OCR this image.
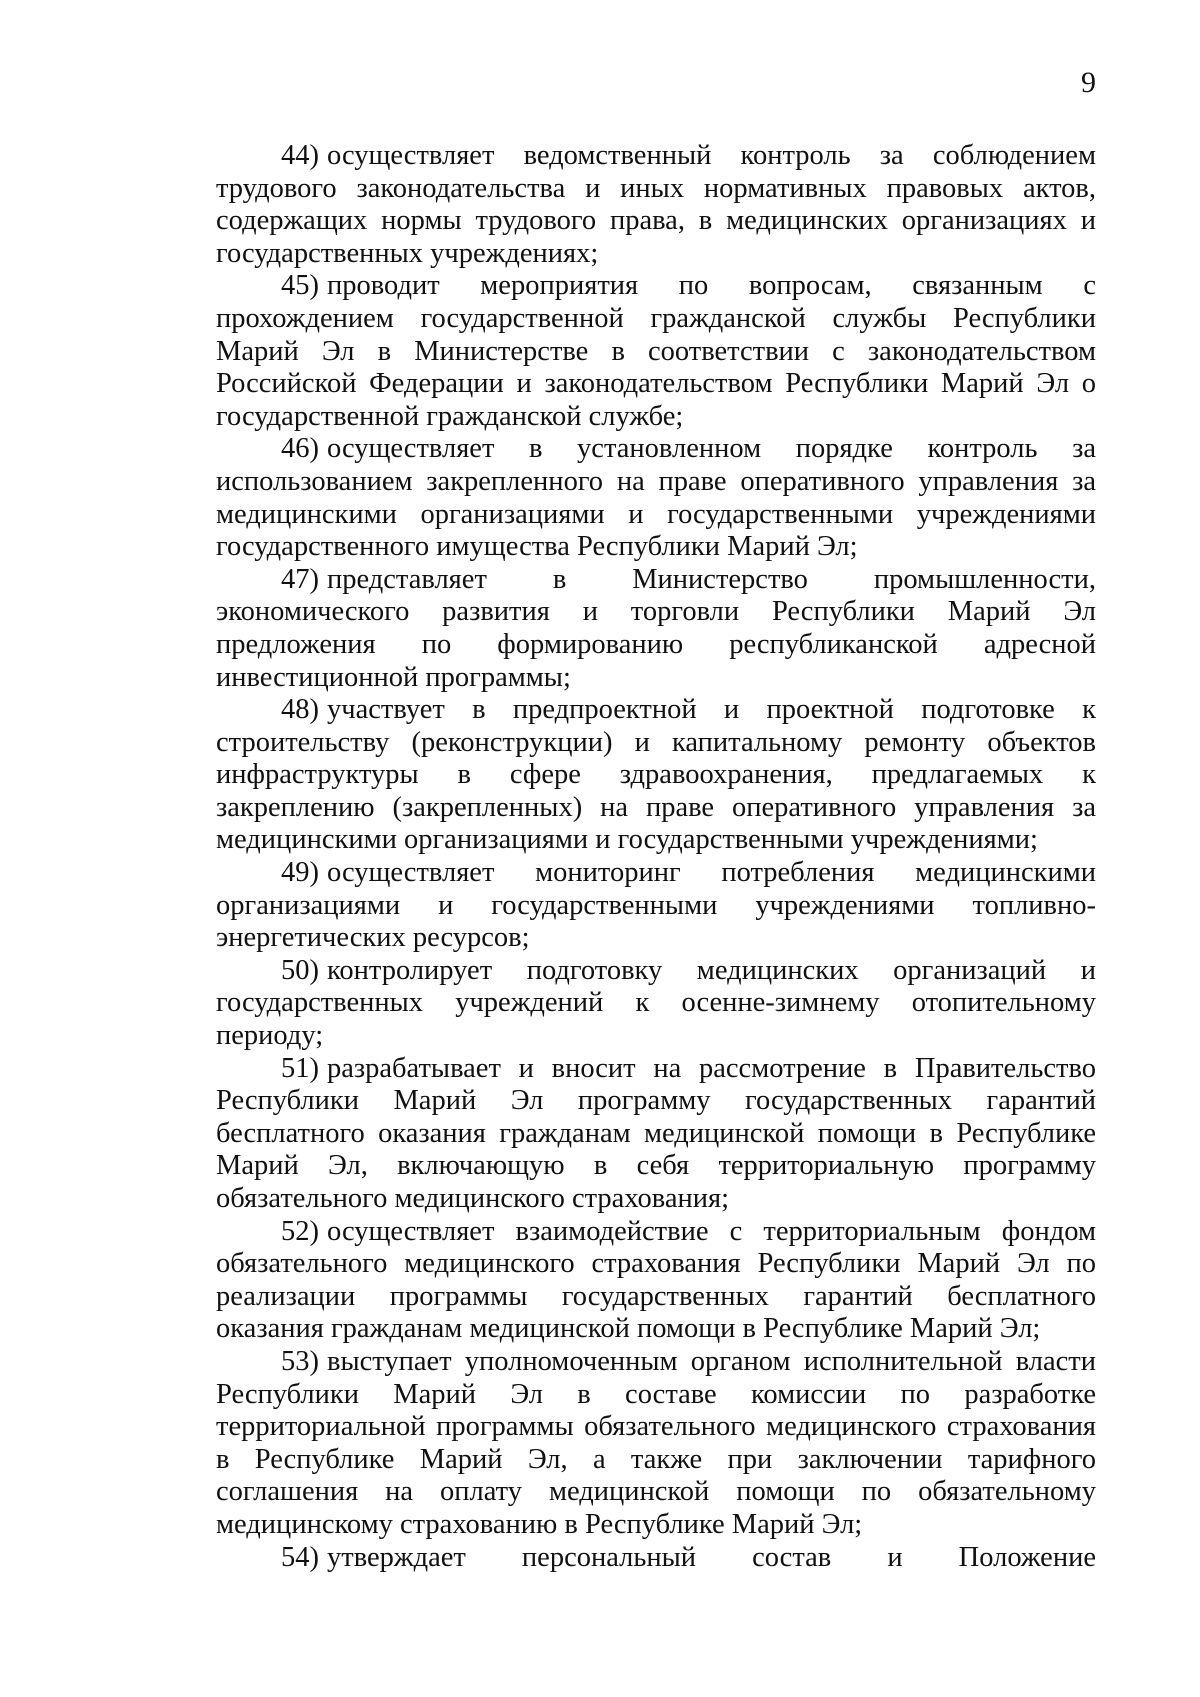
9

44) осуществляет ведомственный контроль за соблюдением трудового законодательства и иных нормативных правовых актов, содержащих нормы трудового права, в медицинских организациях и государственных учреждениях;

45) проводит мероприятия по вопросам, связанным с прохождением государственной гражданской службы Республики Марий Эл в Министерстве в соответствии с законодательством Российской Федерации и законодательством Республики Марий Эл о государственной гражданской службе;

46) осуществляет в установленном порядке контроль за использованием закрепленного на праве оперативного управления за медицинскими организациями и государственными учреждениями государственного имущества Республики Марий Эл;

47) представляет в Министерство промышленности, экономического развития и торговли Республики Марий Эл предложения по формированию республиканской адресной инвестиционной программы;

48) участвует в предпроектной и проектной подготовке к строительству (реконструкции) и капитальному ремонту объектов инфраструктуры в сфере здравоохранения, предлагаемых к закреплению (закрепленных) на праве оперативного управления за медицинскими организациями и государственными учреждениями;

49) осуществляет мониторинг потребления медицинскими организациями и государственными учреждениями топливно-энергетических ресурсов;

50) контролирует подготовку медицинских организаций и государственных учреждений к осенне-зимнему отопительному периоду;

51) разрабатывает и вносит на рассмотрение в Правительство Республики Марий Эл программу государственных гарантий бесплатного оказания гражданам медицинской помощи в Республике Марий Эл, включающую в себя территориальную программу обязательного медицинского страхования;

52) осуществляет взаимодействие с территориальным фондом обязательного медицинского страхования Республики Марий Эл по реализации программы государственных гарантий бесплатного оказания гражданам медицинской помощи в Республике Марий Эл;

53) выступает уполномоченным органом исполнительной власти Республики Марий Эл в составе комиссии по разработке территориальной программы обязательного медицинского страхования в Республике Марий Эл, а также при заключении тарифного соглашения на оплату медицинской помощи по обязательному медицинскому страхованию в Республике Марий Эл;

54) утверждает персональный состав и Положение
